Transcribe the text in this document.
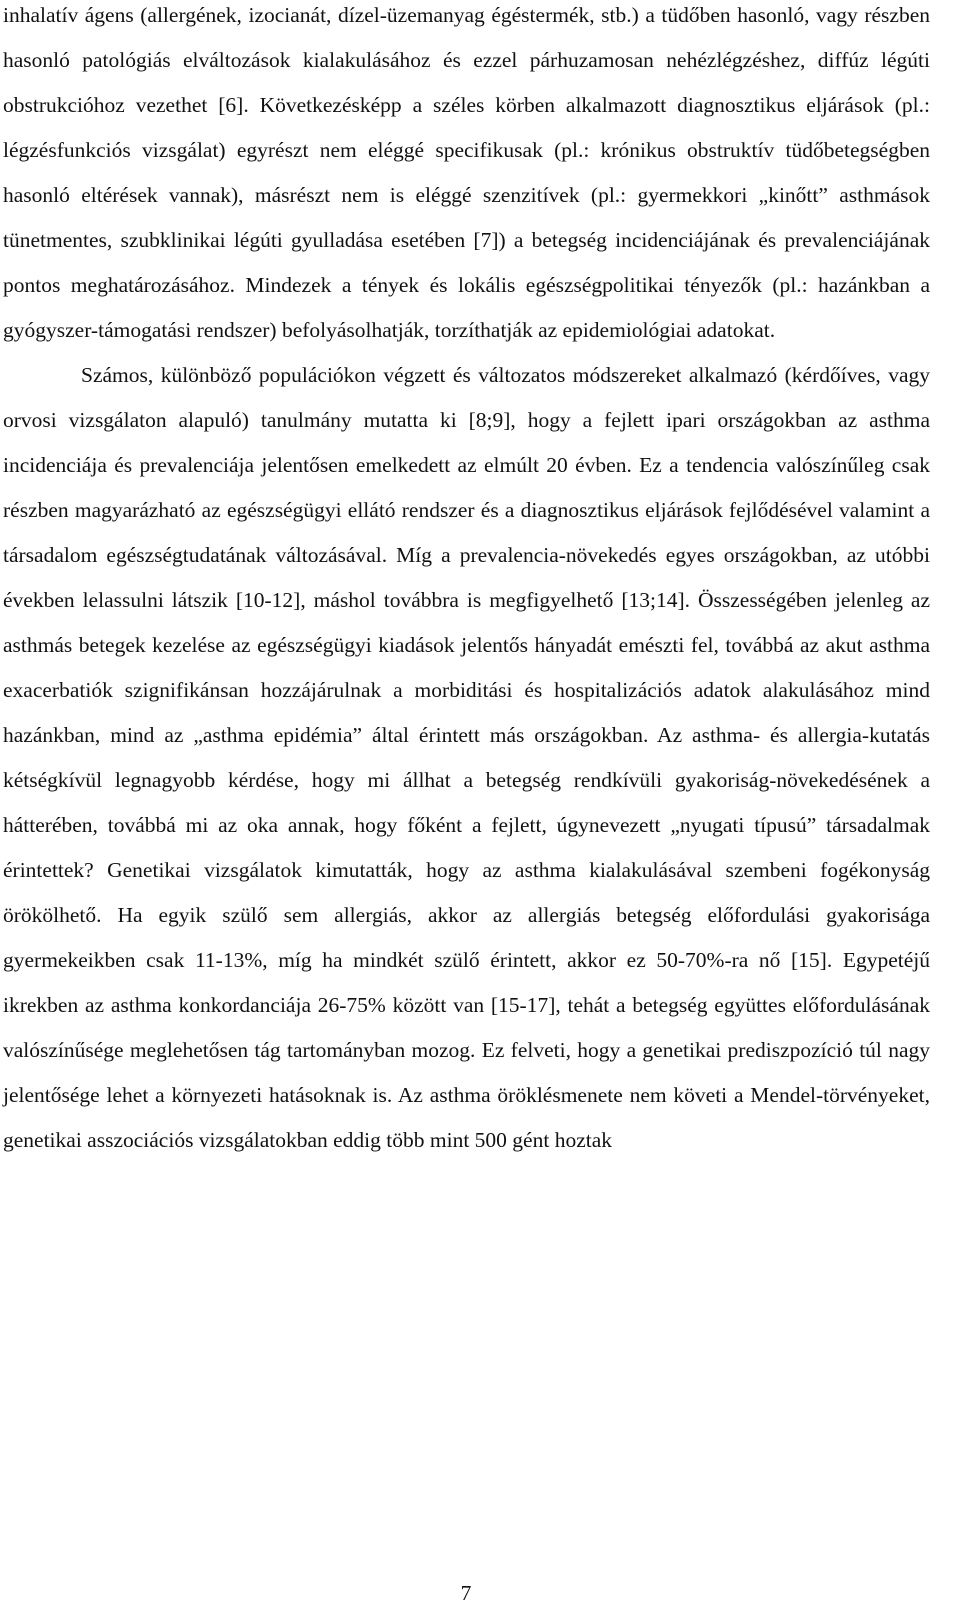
inhalatív ágens (allergének, izocianát, dízel-üzemanyag égéstermék, stb.) a tüdőben hasonló, vagy részben hasonló patológiás elváltozások kialakulásához és ezzel párhuzamosan nehézlégzéshez, diffúz légúti obstrukcióhoz vezethet [6]. Következésképp a széles körben alkalmazott diagnosztikus eljárások (pl.: légzésfunkciós vizsgálat) egyrészt nem eléggé specifikusak (pl.: krónikus obstruktív tüdőbetegségben hasonló eltérések vannak), másrészt nem is eléggé szenzitívek (pl.: gyermekkori „kinőtt” asthmások tünetmentes, szubklinikai légúti gyulladása esetében [7]) a betegség incidenciájának és prevalenciájának pontos meghatározásához. Mindezek a tények és lokális egészségpolitikai tényezők (pl.: hazánkban a gyógyszer-támogatási rendszer) befolyásolhatják, torzíthatják az epidemiológiai adatokat.

Számos, különböző populációkon végzett és változatos módszereket alkalmazó (kérdőíves, vagy orvosi vizsgálaton alapuló) tanulmány mutatta ki [8;9], hogy a fejlett ipari országokban az asthma incidenciája és prevalenciája jelentősen emelkedett az elmúlt 20 évben. Ez a tendencia valószínűleg csak részben magyarázható az egészségügyi ellátó rendszer és a diagnosztikus eljárások fejlődésével valamint a társadalom egészségtudatának változásával. Míg a prevalencia-növekedés egyes országokban, az utóbbi években lelassulni látszik [10-12], máshol továbbra is megfigyelhető [13;14]. Összességében jelenleg az asthmás betegek kezelése az egészségügyi kiadások jelentős hányadát emészti fel, továbbá az akut asthma exacerbatiók szignifikánsan hozzájárulnak a morbiditási és hospitalizációs adatok alakulásához mind hazánkban, mind az „asthma epidémia” által érintett más országokban. Az asthma- és allergia-kutatás kétségkívül legnagyobb kérdése, hogy mi állhat a betegség rendkívüli gyakoriság-növekedésének a hátterében, továbbá mi az oka annak, hogy főként a fejlett, úgynevezett „nyugati típusú” társadalmak érintettek? Genetikai vizsgálatok kimutatták, hogy az asthma kialakulásával szembeni fogékonyság örökölhető. Ha egyik szülő sem allergiás, akkor az allergiás betegség előfordulási gyakorisága gyermekeikben csak 11-13%, míg ha mindkét szülő érintett, akkor ez 50-70%-ra nő [15]. Egypetéjű ikrekben az asthma konkordanciája 26-75% között van [15-17], tehát a betegség együttes előfordulásának valószínűsége meglehetősen tág tartományban mozog. Ez felveti, hogy a genetikai prediszpozíció túl nagy jelentősége lehet a környezeti hatásoknak is. Az asthma öröklésmenete nem követi a Mendel-törvényeket, genetikai asszociációs vizsgálatokban eddig több mint 500 gént hoztak

7
